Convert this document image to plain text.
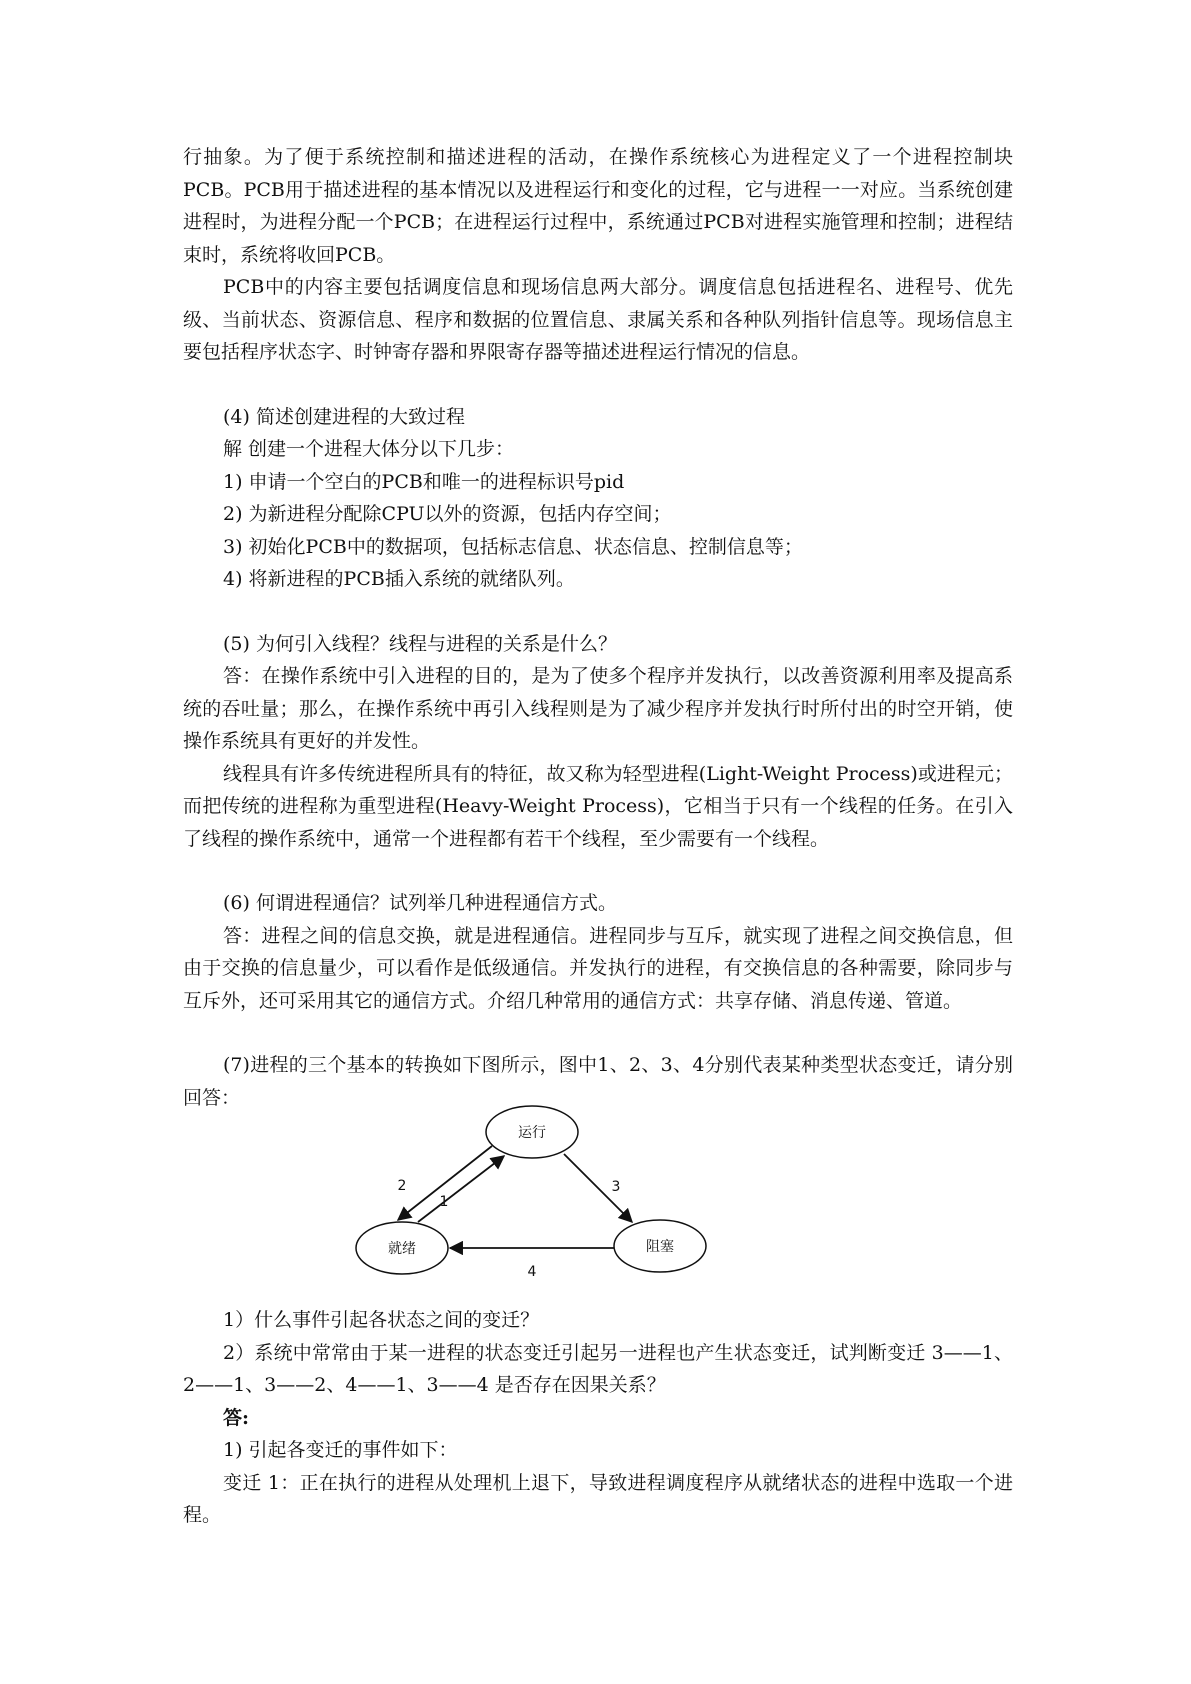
行抽象。为了便于系统控制和描述进程的活动，在操作系统核心为进程定义了一个进程控制块PCB。PCB用于描述进程的基本情况以及进程运行和变化的过程，它与进程一一对应。当系统创建进程时，为进程分配一个PCB；在进程运行过程中，系统通过PCB对进程实施管理和控制；进程结束时，系统将收回PCB。

PCB中的内容主要包括调度信息和现场信息两大部分。调度信息包括进程名、进程号、优先级、当前状态、资源信息、程序和数据的位置信息、隶属关系和各种队列指针信息等。现场信息主要包括程序状态字、时钟寄存器和界限寄存器等描述进程运行情况的信息。

(4) 简述创建进程的大致过程

解 创建一个进程大体分以下几步：

1) 申请一个空白的PCB和唯一的进程标识号pid

2) 为新进程分配除CPU以外的资源，包括内存空间；

3) 初始化PCB中的数据项，包括标志信息、状态信息、控制信息等；

4) 将新进程的PCB插入系统的就绪队列。

(5) 为何引入线程？线程与进程的关系是什么？

答：在操作系统中引入进程的目的，是为了使多个程序并发执行，以改善资源利用率及提高系统的吞吐量；那么，在操作系统中再引入线程则是为了减少程序并发执行时所付出的时空开销，使操作系统具有更好的并发性。

线程具有许多传统进程所具有的特征，故又称为轻型进程(Light-Weight Process)或进程元；而把传统的进程称为重型进程(Heavy-Weight Process)，它相当于只有一个线程的任务。在引入了线程的操作系统中，通常一个进程都有若干个线程，至少需要有一个线程。

(6) 何谓进程通信？试列举几种进程通信方式。

答：进程之间的信息交换，就是进程通信。进程同步与互斥，就实现了进程之间交换信息，但由于交换的信息量少，可以看作是低级通信。并发执行的进程，有交换信息的各种需要，除同步与互斥外，还可采用其它的通信方式。介绍几种常用的通信方式：共享存储、消息传递、管道。

(7)进程的三个基本的转换如下图所示，图中1、2、3、4分别代表某种类型状态变迁，请分别回答：

1）什么事件引起各状态之间的变迁？

2）系统中常常由于某一进程的状态变迁引起另一进程也产生状态变迁，试判断变迁 3——1、2——1、3——2、4——1、3——4 是否存在因果关系？

答:

1) 引起各变迁的事件如下：

变迁 1：正在执行的进程从处理机上退下，导致进程调度程序从就绪状态的进程中选取一个进程。

运行
就绪	阻塞
2
1
3
4
